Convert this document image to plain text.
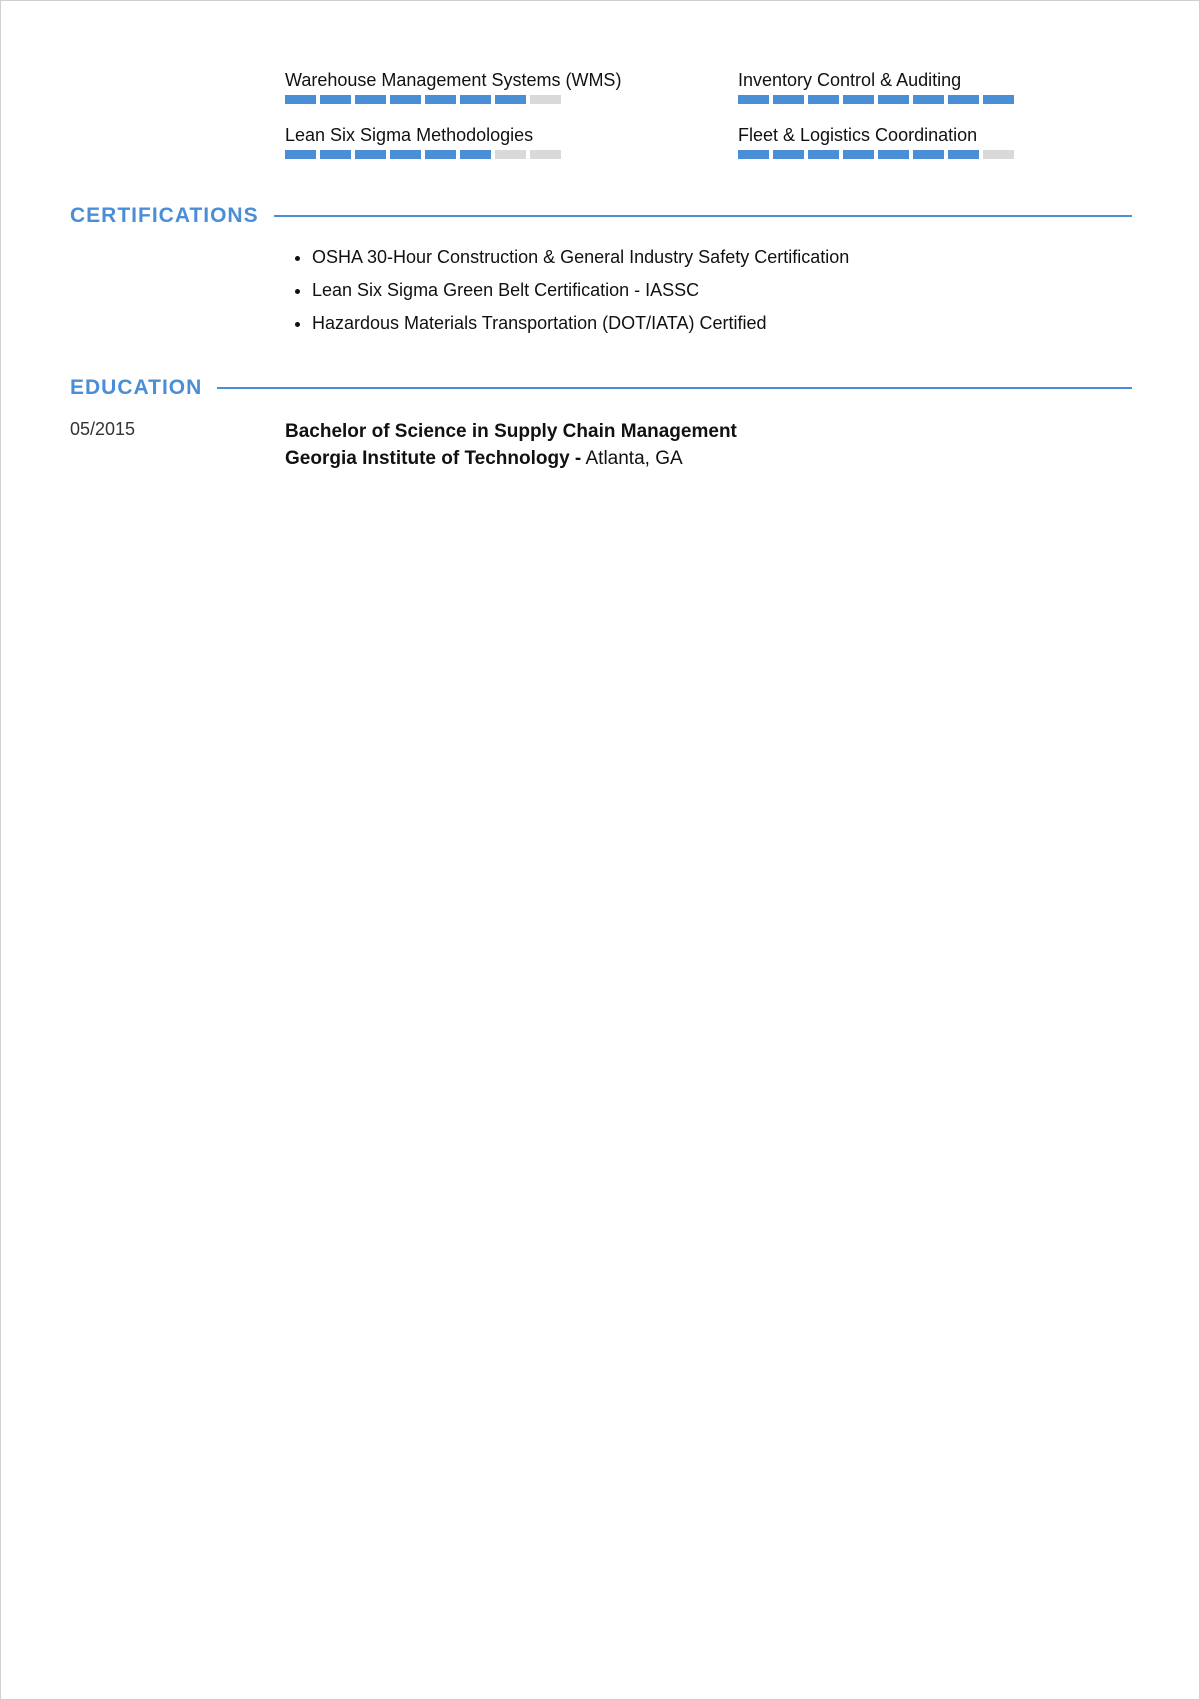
Warehouse Management Systems (WMS)	Inventory Control & Auditing
Lean Six Sigma Methodologies	Fleet & Logistics Coordination
CERTIFICATIONS
• OSHA 30-Hour Construction & General Industry Safety Certification
• Lean Six Sigma Green Belt Certification - IASSC
• Hazardous Materials Transportation (DOT/IATA) Certified
EDUCATION
05/2015	Bachelor of Science in Supply Chain Management
Georgia Institute of Technology - Atlanta, GA
